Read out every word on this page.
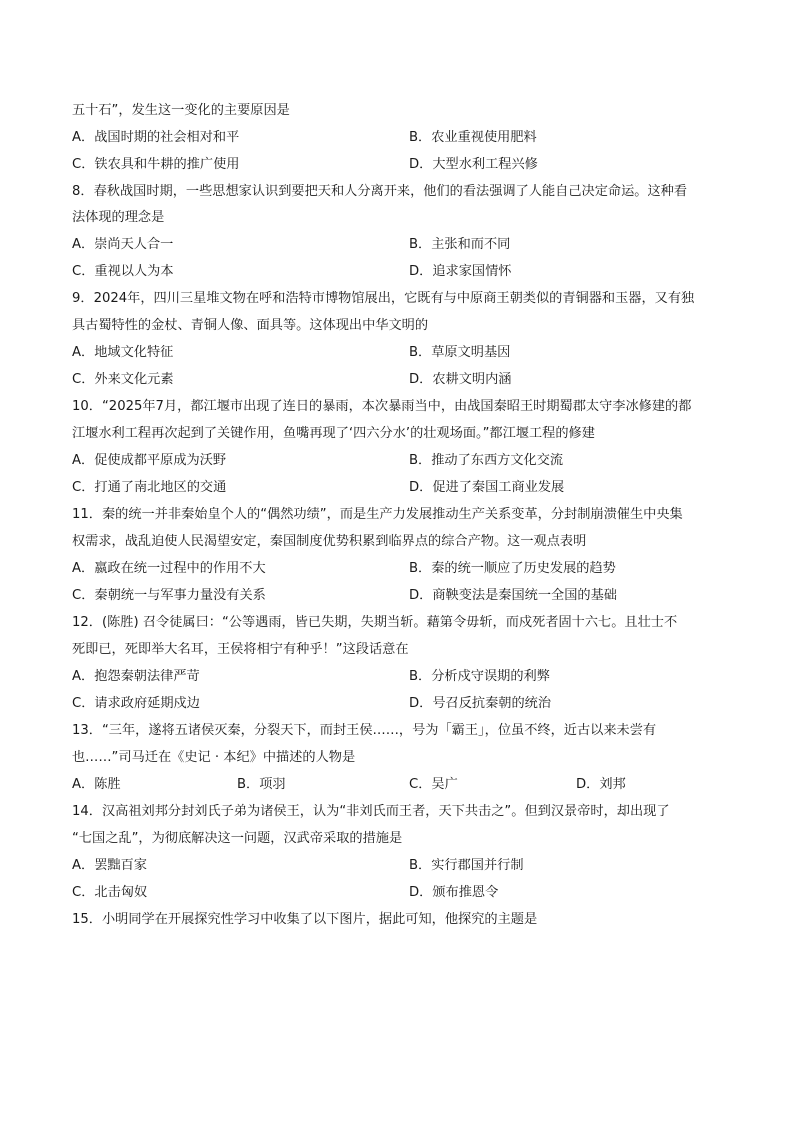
五十石”，发生这一变化的主要原因是
A．战国时期的社会相对和平	B．农业重视使用肥料
C．铁农具和牛耕的推广使用	D．大型水利工程兴修
8．春秋战国时期，一些思想家认识到要把天和人分离开来，他们的看法强调了人能自己决定命运。这种看
法体现的理念是
A．崇尚天人合一	B．主张和而不同
C．重视以人为本	D．追求家国情怀
9．2024年，四川三星堆文物在呼和浩特市博物馆展出，它既有与中原商王朝类似的青铜器和玉器，又有独
具古蜀特性的金杖、青铜人像、面具等。这体现出中华文明的
A．地域文化特征	B．草原文明基因
C．外来文化元素	D．农耕文明内涵
10．“2025年7月，都江堰市出现了连日的暴雨，本次暴雨当中，由战国秦昭王时期蜀郡太守李冰修建的都
江堰水利工程再次起到了关键作用，鱼嘴再现了‘四六分水’的壮观场面。”都江堰工程的修建
A．促使成都平原成为沃野	B．推动了东西方文化交流
C．打通了南北地区的交通	D．促进了秦国工商业发展
11．秦的统一并非秦始皇个人的“偶然功绩”，而是生产力发展推动生产关系变革，分封制崩溃催生中央集
权需求，战乱迫使人民渴望安定，秦国制度优势积累到临界点的综合产物。这一观点表明
A．嬴政在统一过程中的作用不大	B．秦的统一顺应了历史发展的趋势
C．秦朝统一与军事力量没有关系	D．商鞅变法是秦国统一全国的基础
12．(陈胜) 召令徒属曰：“公等遇雨，皆已失期，失期当斩。藉第令毋斩，而戍死者固十六七。且壮士不
死即已，死即举大名耳，王侯将相宁有种乎！”这段话意在
A．抱怨秦朝法律严苛	B．分析戍守误期的利弊
C．请求政府延期戍边	D．号召反抗秦朝的统治
13．“三年，遂将五诸侯灭秦，分裂天下，而封王侯……，号为「霸王」，位虽不终，近古以来未尝有
也……”司马迁在《史记 · 本纪》中描述的人物是
A．陈胜	B．项羽	C．吴广	D．刘邦
14．汉高祖刘邦分封刘氏子弟为诸侯王，认为“非刘氏而王者，天下共击之”。但到汉景帝时，却出现了
“七国之乱”，为彻底解决这一问题，汉武帝采取的措施是
A．罢黜百家	B．实行郡国并行制
C．北击匈奴	D．颁布推恩令
15．小明同学在开展探究性学习中收集了以下图片，据此可知，他探究的主题是
